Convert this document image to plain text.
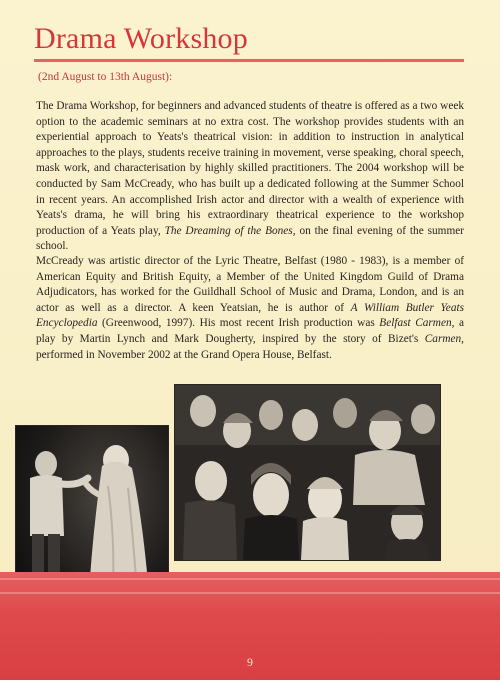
Drama Workshop
(2nd August to 13th August):

The Drama Workshop, for beginners and advanced students of theatre is offered as a two week option to the academic seminars at no extra cost. The workshop provides students with an experiential approach to Yeats's theatrical vision: in addition to instruction in analytical approaches to the plays, students receive training in movement, verse speaking, choral speech, mask work, and characterisation by highly skilled practitioners. The 2004 workshop will be conducted by Sam McCready, who has built up a dedicated following at the Summer School in recent years. An accomplished Irish actor and director with a wealth of experience with Yeats's drama, he will bring his extraordinary theatrical experience to the workshop production of a Yeats play, The Dreaming of the Bones, on the final evening of the summer school.

McCready was artistic director of the Lyric Theatre, Belfast (1980 - 1983), is a member of American Equity and British Equity, a Member of the United Kingdom Guild of Drama Adjudicators, has worked for the Guildhall School of Music and Drama, London, and is an actor as well as a director. A keen Yeatsian, he is author of A William Butler Yeats Encyclopedia (Greenwood, 1997). His most recent Irish production was Belfast Carmen, a play by Martin Lynch and Mark Dougherty, inspired by the story of Bizet's Carmen, performed in November 2002 at the Grand Opera House, Belfast.

9
